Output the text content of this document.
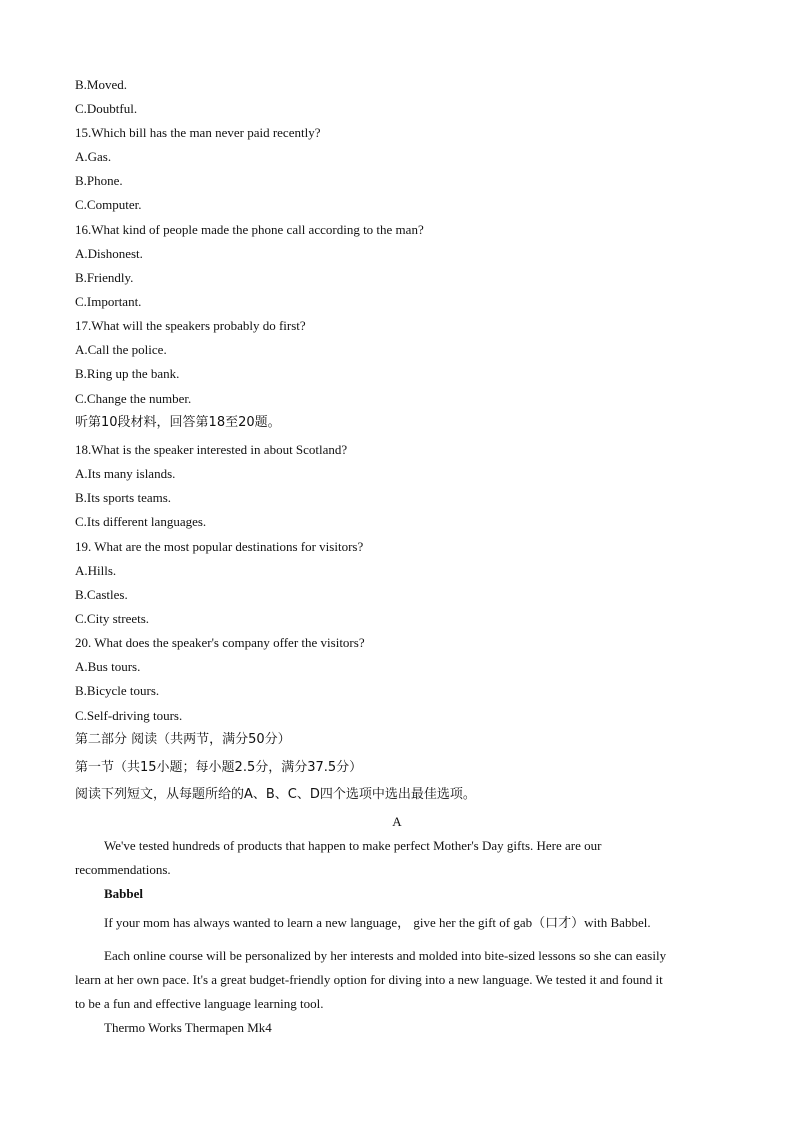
B.Moved.
C.Doubtful.
15.Which bill has the man never paid recently?
A.Gas.
B.Phone.
C.Computer.
16.What kind of people made the phone call according to the man?
A.Dishonest.
B.Friendly.
C.Important.
17.What will the speakers probably do first?
A.Call the police.
B.Ring up the bank.
C.Change the number.
听第10段材料，回答第18至20题。
18.What is the speaker interested in about Scotland?
A.Its many islands.
B.Its sports teams.
C.Its different languages.
19. What are the most popular destinations for visitors?
A.Hills.
B.Castles.
C.City streets.
20. What does the speaker's company offer the visitors?
A.Bus tours.
B.Bicycle tours.
C.Self-driving tours.
第二部分 阅读（共两节，满分50分）
第一节（共15小题；每小题2.5分，满分37.5分）
阅读下列短文，从每题所给的A、B、C、D四个选项中选出最佳选项。
A
We've tested hundreds of products that happen to make perfect Mother's Day gifts. Here are our
recommendations.
Babbel
If your mom has always wanted to learn a new language， give her the gift of gab（口才）with Babbel.
Each online course will be personalized by her interests and molded into bite-sized lessons so she can easily
learn at her own pace. It's a great budget-friendly option for diving into a new language. We tested it and found it
to be a fun and effective language learning tool.
Thermo Works Thermapen Mk4
